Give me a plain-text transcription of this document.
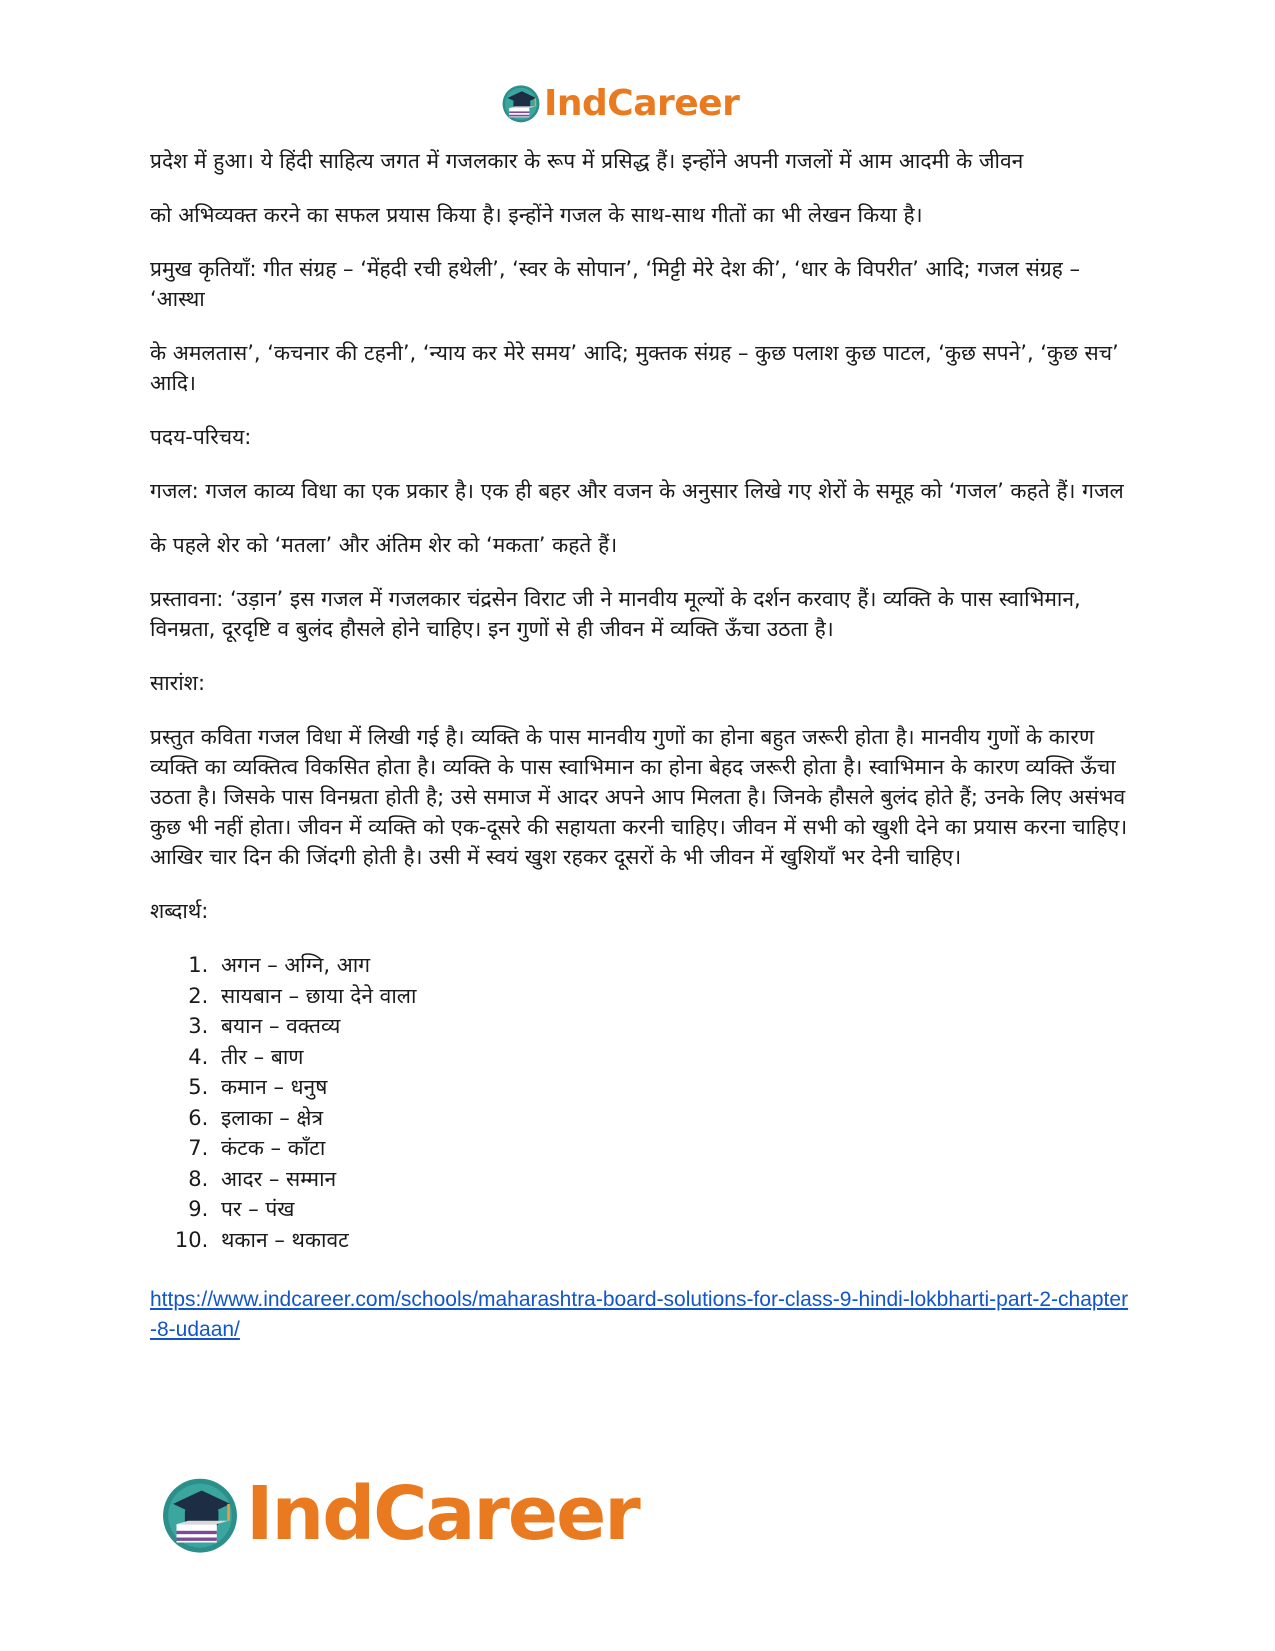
IndCareer

प्रदेश में हुआ। ये हिंदी साहित्य जगत में गजलकार के रूप में प्रसिद्ध हैं। इन्होंने अपनी गजलों में आम आदमी के जीवन

को अभिव्यक्त करने का सफल प्रयास किया है। इन्होंने गजल के साथ-साथ गीतों का भी लेखन किया है।

प्रमुख कृतियाँ: गीत संग्रह – ‘मेंहदी रची हथेली’, ‘स्वर के सोपान’, ‘मिट्टी मेरे देश की’, ‘धार के विपरीत’ आदि; गजल संग्रह – ‘आस्था

के अमलतास’, ‘कचनार की टहनी’, ‘न्याय कर मेरे समय’ आदि; मुक्तक संग्रह – कुछ पलाश कुछ पाटल, ‘कुछ सपने’, ‘कुछ सच’ आदि।

पदय-परिचय:

गजल: गजल काव्य विधा का एक प्रकार है। एक ही बहर और वजन के अनुसार लिखे गए शेरों के समूह को ‘गजल’ कहते हैं। गजल

के पहले शेर को ‘मतला’ और अंतिम शेर को ‘मकता’ कहते हैं।

प्रस्तावना: ‘उड़ान’ इस गजल में गजलकार चंद्रसेन विराट जी ने मानवीय मूल्यों के दर्शन करवाए हैं। व्यक्ति के पास स्वाभिमान, विनम्रता, दूरदृष्टि व बुलंद हौसले होने चाहिए। इन गुणों से ही जीवन में व्यक्ति ऊँचा उठता है।

सारांश:

प्रस्तुत कविता गजल विधा में लिखी गई है। व्यक्ति के पास मानवीय गुणों का होना बहुत जरूरी होता है। मानवीय गुणों के कारण व्यक्ति का व्यक्तित्व विकसित होता है। व्यक्ति के पास स्वाभिमान का होना बेहद जरूरी होता है। स्वाभिमान के कारण व्यक्ति ऊँचा उठता है। जिसके पास विनम्रता होती है; उसे समाज में आदर अपने आप मिलता है। जिनके हौसले बुलंद होते हैं; उनके लिए असंभव कुछ भी नहीं होता। जीवन में व्यक्ति को एक-दूसरे की सहायता करनी चाहिए। जीवन में सभी को खुशी देने का प्रयास करना चाहिए। आखिर चार दिन की जिंदगी होती है। उसी में स्वयं खुश रहकर दूसरों के भी जीवन में खुशियाँ भर देनी चाहिए।

शब्दार्थ:

1. अगन – अग्नि, आग
2. सायबान – छाया देने वाला
3. बयान – वक्तव्य
4. तीर – बाण
5. कमान – धनुष
6. इलाका – क्षेत्र
7. कंटक – काँटा
8. आदर – सम्मान
9. पर – पंख
10. थकान – थकावट
https://www.indcareer.com/schools/maharashtra-board-solutions-for-class-9-hindi-lokbharti-part-2-chapter-8-udaan/
IndCareer
